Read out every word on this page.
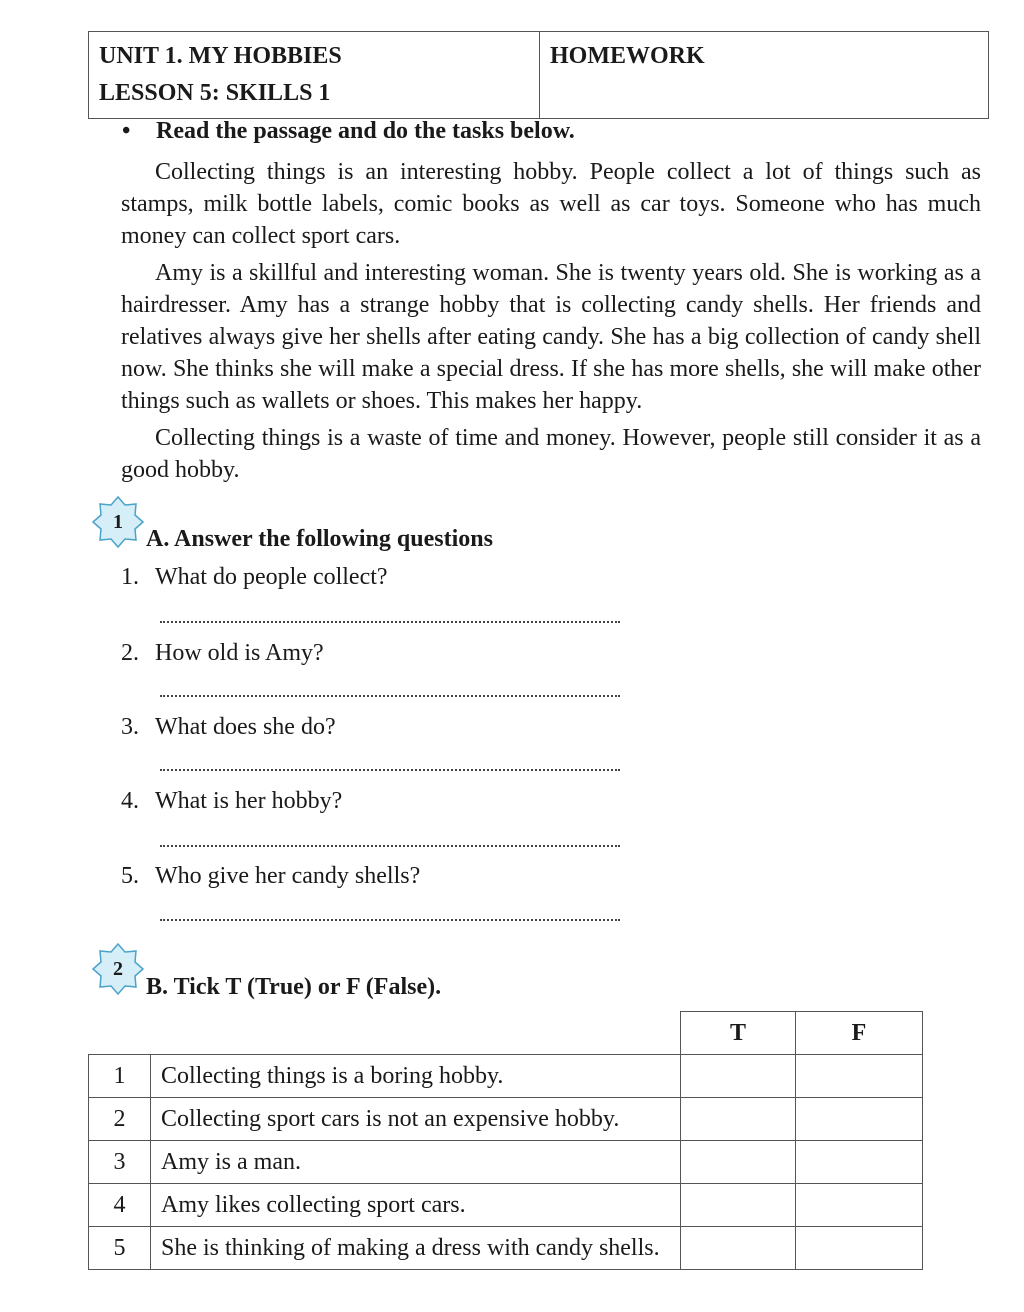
UNIT 1. MY HOBBIES
LESSON 5: SKILLS 1

HOMEWORK
• Read the passage and do the tasks below.

Collecting things is an interesting hobby. People collect a lot of things such as stamps, milk bottle labels, comic books as well as car toys. Someone who has much money can collect sport cars.

Amy is a skillful and interesting woman. She is twenty years old. She is working as a hairdresser. Amy has a strange hobby that is collecting candy shells. Her friends and relatives always give her shells after eating candy. She has a big collection of candy shell now. She thinks she will make a special dress. If she has more shells, she will make other things such as wallets or shoes. This makes her happy.

Collecting things is a waste of time and money. However, people still consider it as a good hobby.

1
A. Answer the following questions
1. What do people collect?
2. How old is Amy?
3. What does she do?
4. What is her hobby?
5. Who give her candy shells?
2
B. Tick T (True) or F (False).
		T	F
1	Collecting things is a boring hobby.		
2	Collecting sport cars is not an expensive hobby.		
3	Amy is a man.		
4	Amy likes collecting sport cars.		
5	She is thinking of making a dress with candy shells.		
